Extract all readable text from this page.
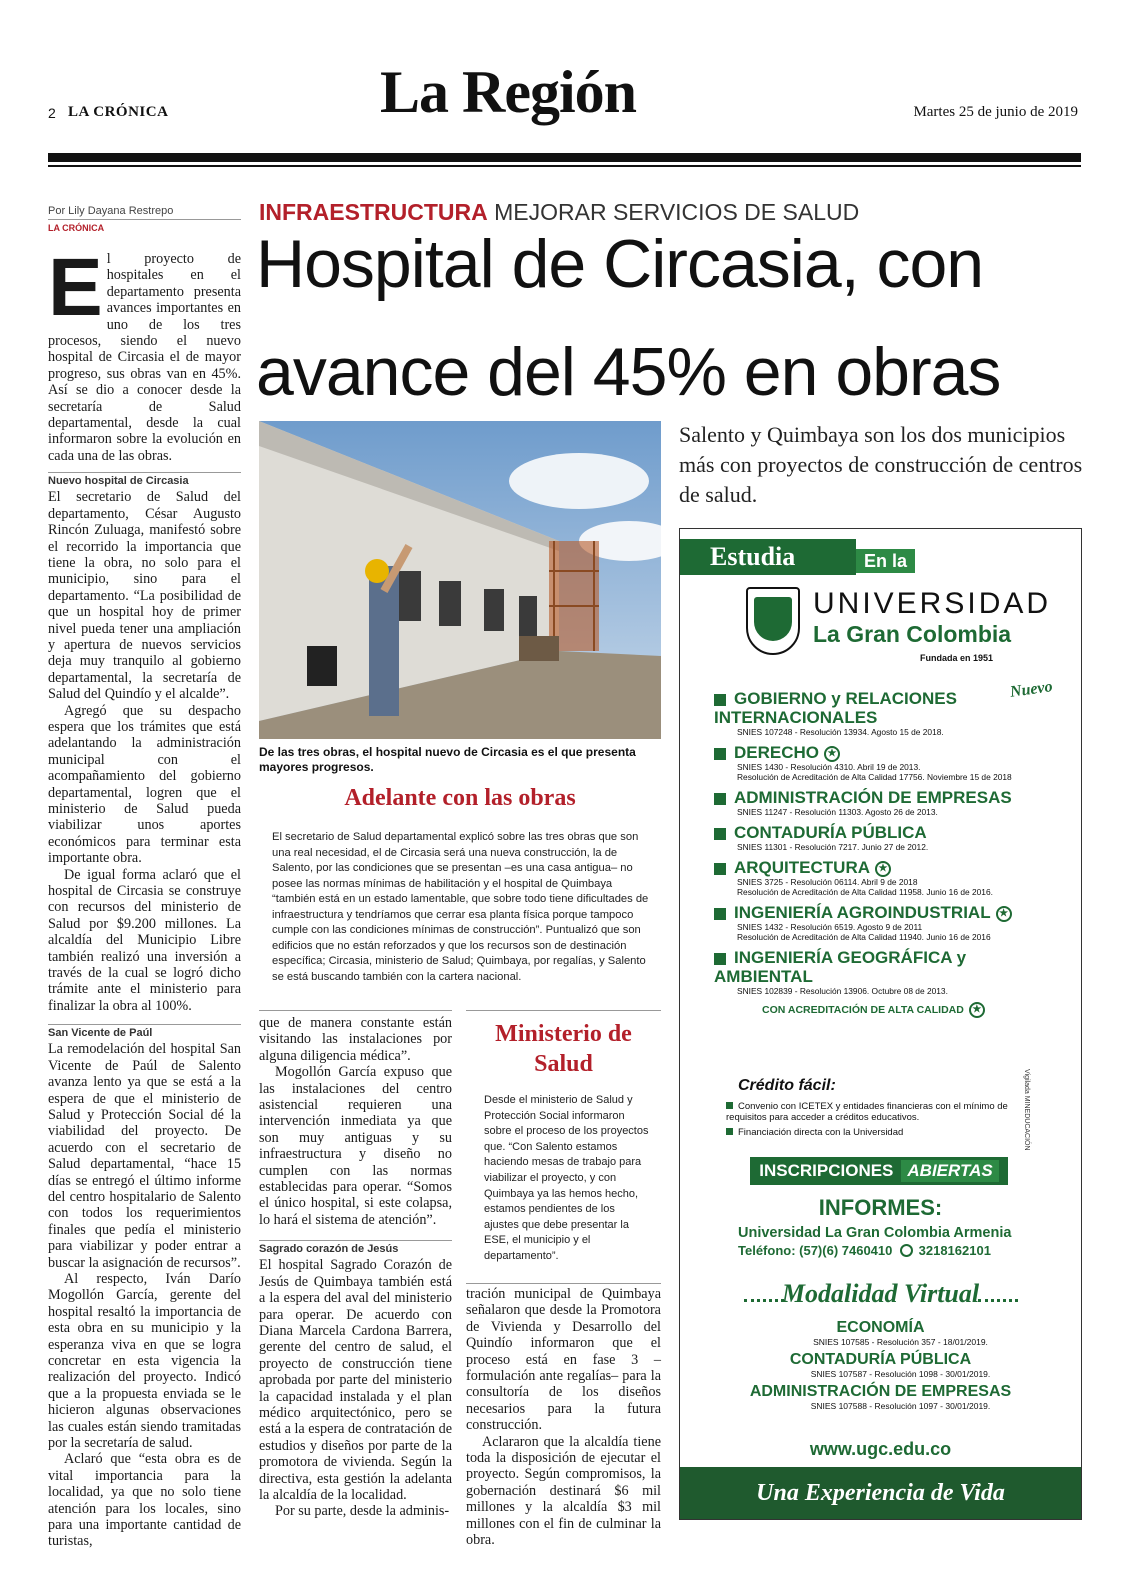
2 LA CRÓNICA	La Región	Martes 25 de junio de 2019
Por Lily Dayana Restrepo
LA CRÓNICA
E l proyecto de hospitales en el departamento presenta avances importantes en uno de los tres procesos, siendo el nuevo hospital de Circasia el de mayor progreso, sus obras van en 45%. Así se dio a conocer desde la secretaría de Salud departamental, desde la cual informaron sobre la evolución en cada una de las obras.

Nuevo hospital de Circasia

El secretario de Salud del departamento, César Augusto Rincón Zuluaga, manifestó sobre el recorrido la importancia que tiene la obra, no solo para el municipio, sino para el departamento. “La posibilidad de que un hospital hoy de primer nivel pueda tener una ampliación y apertura de nuevos servicios deja muy tranquilo al gobierno departamental, la secretaría de Salud del Quindío y el alcalde”.

Agregó que su despacho espera que los trámites que está adelantando la administración municipal con el acompañamiento del gobierno departamental, logren que el ministerio de Salud pueda viabilizar unos aportes económicos para terminar esta importante obra.

De igual forma aclaró que el hospital de Circasia se construye con recursos del ministerio de Salud por $9.200 millones. La alcaldía del Municipio Libre también realizó una inversión a través de la cual se logró dicho trámite ante el ministerio para finalizar la obra al 100%.

San Vicente de Paúl

La remodelación del hospital San Vicente de Paúl de Salento avanza lento ya que se está a la espera de que el ministerio de Salud y Protección Social dé la viabilidad del proyecto. De acuerdo con el secretario de Salud departamental, “hace 15 días se entregó el último informe del centro hospitalario de Salento con todos los requerimientos finales que pedía el ministerio para viabilizar y poder entrar a buscar la asignación de recursos”.

Al respecto, Iván Darío Mogollón García, gerente del hospital resaltó la importancia de esta obra en su municipio y la esperanza viva en que se logra concretar en esta vigencia la realización del proyecto. Indicó que a la propuesta enviada se le hicieron algunas observaciones las cuales están siendo tramitadas por la secretaría de salud.

Aclaró que “esta obra es de vital importancia para la localidad, ya que no solo tiene atención para los locales, sino para una importante cantidad de turistas,

INFRAESTRUCTURA MEJORAR SERVICIOS DE SALUD
Hospital de Circasia, con
avance del 45% en obras
Salento y Quimbaya son los dos municipios más con proyectos de construcción de centros de salud.
De las tres obras, el hospital nuevo de Circasia es el que presenta mayores progresos.
Adelante con las obras
El secretario de Salud departamental explicó sobre las tres obras que son una real necesidad, el de Circasia será una nueva construcción, la de Salento, por las condiciones que se presentan –es una casa antigua– no posee las normas mínimas de habilitación y el hospital de Quimbaya “también está en un estado lamentable, que sobre todo tiene dificultades de infraestructura y tendríamos que cerrar esa planta física porque tampoco cumple con las condiciones mínimas de construcción”. Puntualizó que son edificios que no están reforzados y que los recursos son de destinación específica; Circasia, ministerio de Salud; Quimbaya, por regalías, y Salento se está buscando también con la cartera nacional.

que de manera constante están visitando las instalaciones por alguna diligencia médica”.

Mogollón García expuso que las instalaciones del centro asistencial requieren una intervención inmediata ya que son muy antiguas y su infraestructura y diseño no cumplen con las normas establecidas para operar. “Somos el único hospital, si este colapsa, lo hará el sistema de atención”.

Sagrado corazón de Jesús

El hospital Sagrado Corazón de Jesús de Quimbaya también está a la espera del aval del ministerio para operar. De acuerdo con Diana Marcela Cardona Barrera, gerente del centro de salud, el proyecto de construcción tiene aprobada por parte del ministerio la capacidad instalada y el plan médico arquitectónico, pero se está a la espera de contratación de estudios y diseños por parte de la promotora de vivienda. Según la directiva, esta gestión la adelanta la alcaldía de la localidad.

Por su parte, desde la adminis-

Ministerio de Salud
Desde el ministerio de Salud y Protección Social informaron sobre el proceso de los proyectos que. “Con Salento estamos haciendo mesas de trabajo para viabilizar el proyecto, y con Quimbaya ya las hemos hecho, estamos pendientes de los ajustes que debe presentar la ESE, el municipio y el departamento”.

tración municipal de Quimbaya señalaron que desde la Promotora de Vivienda y Desarrollo del Quindío informaron que el proceso está en fase 3 –formulación ante regalías– para la consultoría de los diseños necesarios para la futura construcción.

Aclararon que la alcaldía tiene toda la disposición de ejecutar el proyecto. Según compromisos, la gobernación destinará $6 mil millones y la alcaldía $3 mil millones con el fin de culminar la obra.

Estudia	En la
UNIVERSIDAD
La Gran Colombia
Fundada en 1951
Nuevo
GOBIERNO y RELACIONES INTERNACIONALES
SNIES 107248 - Resolución 13934. Agosto 15 de 2018.
DERECHO ★
SNIES 1430 - Resolución 4310. Abril 19 de 2013.
Resolución de Acreditación de Alta Calidad 17756. Noviembre 15 de 2018
ADMINISTRACIÓN DE EMPRESAS
SNIES 11247 - Resolución 11303. Agosto 26 de 2013.
CONTADURÍA PÚBLICA
SNIES 11301 - Resolución 7217. Junio 27 de 2012.
ARQUITECTURA ★
SNIES 3725 - Resolución 06114. Abril 9 de 2018
Resolución de Acreditación de Alta Calidad 11958. Junio 16 de 2016.
INGENIERÍA AGROINDUSTRIAL ★
SNIES 1432 - Resolución 6519. Agosto 9 de 2011
Resolución de Acreditación de Alta Calidad 11940. Junio 16 de 2016
INGENIERÍA GEOGRÁFICA y AMBIENTAL
SNIES 102839 - Resolución 13906. Octubre 08 de 2013.
CON ACREDITACIÓN DE ALTA CALIDAD ★
Crédito fácil:
Convenio con ICETEX y entidades financieras con el mínimo de requisitos para acceder a créditos educativos.
Financiación directa con la Universidad
INSCRIPCIONES ABIERTAS
INFORMES:
Universidad La Gran Colombia Armenia
Teléfono: (57)(6) 7460410 3218162101
Modalidad Virtual
ECONOMÍA
SNIES 107585 - Resolución 357 - 18/01/2019.
CONTADURÍA PÚBLICA
SNIES 107587 - Resolución 1098 - 30/01/2019.
ADMINISTRACIÓN DE EMPRESAS
SNIES 107588 - Resolución 1097 - 30/01/2019.
www.ugc.edu.co
Una Experiencia de Vida
Vigilada MINEDUCACIÓN
